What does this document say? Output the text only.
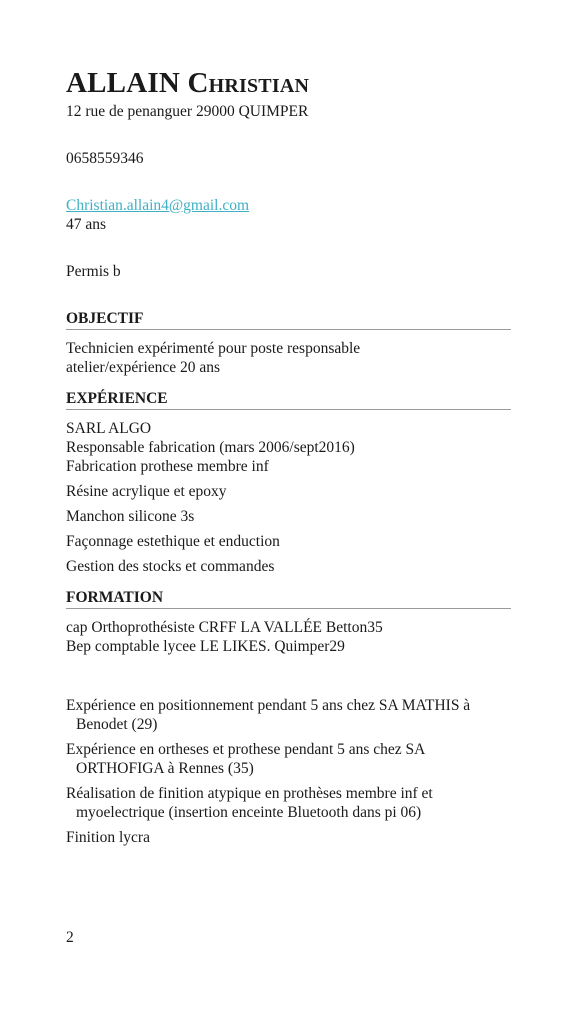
ALLAIN Christian

12 rue de penanguer 29000 QUIMPER

0658559346

Christian.allain4@gmail.com

47 ans

Permis b

OBJECTIF

Technicien expérimenté pour poste responsable

atelier/expérience 20 ans

EXPÉRIENCE

SARL ALGO

Responsable fabrication (mars 2006/sept2016)

Fabrication prothese membre inf

Résine acrylique et epoxy

Manchon silicone 3s

Façonnage estethique et enduction

Gestion des stocks et commandes

FORMATION

cap Orthoprothésiste CRFF LA VALLÉE Betton35

Bep comptable lycee LE LIKES. Quimper29

Expérience en positionnement pendant 5 ans chez SA MATHIS à Benodet (29)

Expérience en ortheses et prothese pendant 5 ans chez SA ORTHOFIGA à Rennes (35)

Réalisation de finition atypique en prothèses membre inf et myoelectrique (insertion enceinte Bluetooth dans pi 06)

Finition lycra

2
